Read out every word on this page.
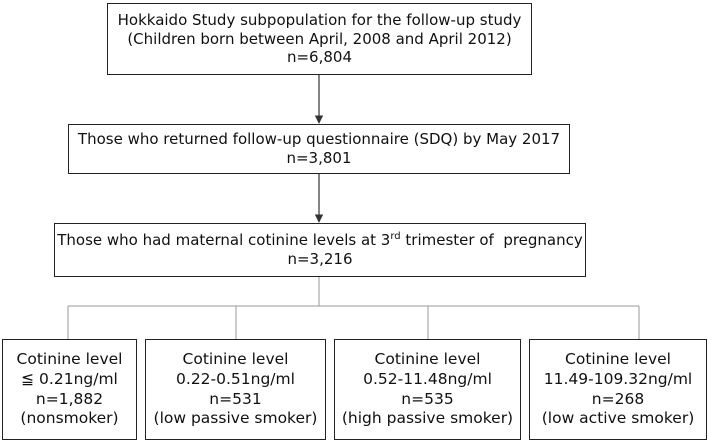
Hokkaido Study subpopulation for the follow-up study
(Children born between April, 2008 and April 2012)
n=6,804
Those who returned follow-up questionnaire (SDQ) by May 2017
n=3,801
Those who had maternal cotinine levels at 3rd trimester of  pregnancy
n=3,216
Cotinine level
≦ 0.21ng/ml
n=1,882
(nonsmoker)
Cotinine level
0.22-0.51ng/ml
n=531
(low passive smoker)
Cotinine level
0.52-11.48ng/ml
n=535
(high passive smoker)
Cotinine level
11.49-109.32ng/ml
n=268
(low active smoker)
